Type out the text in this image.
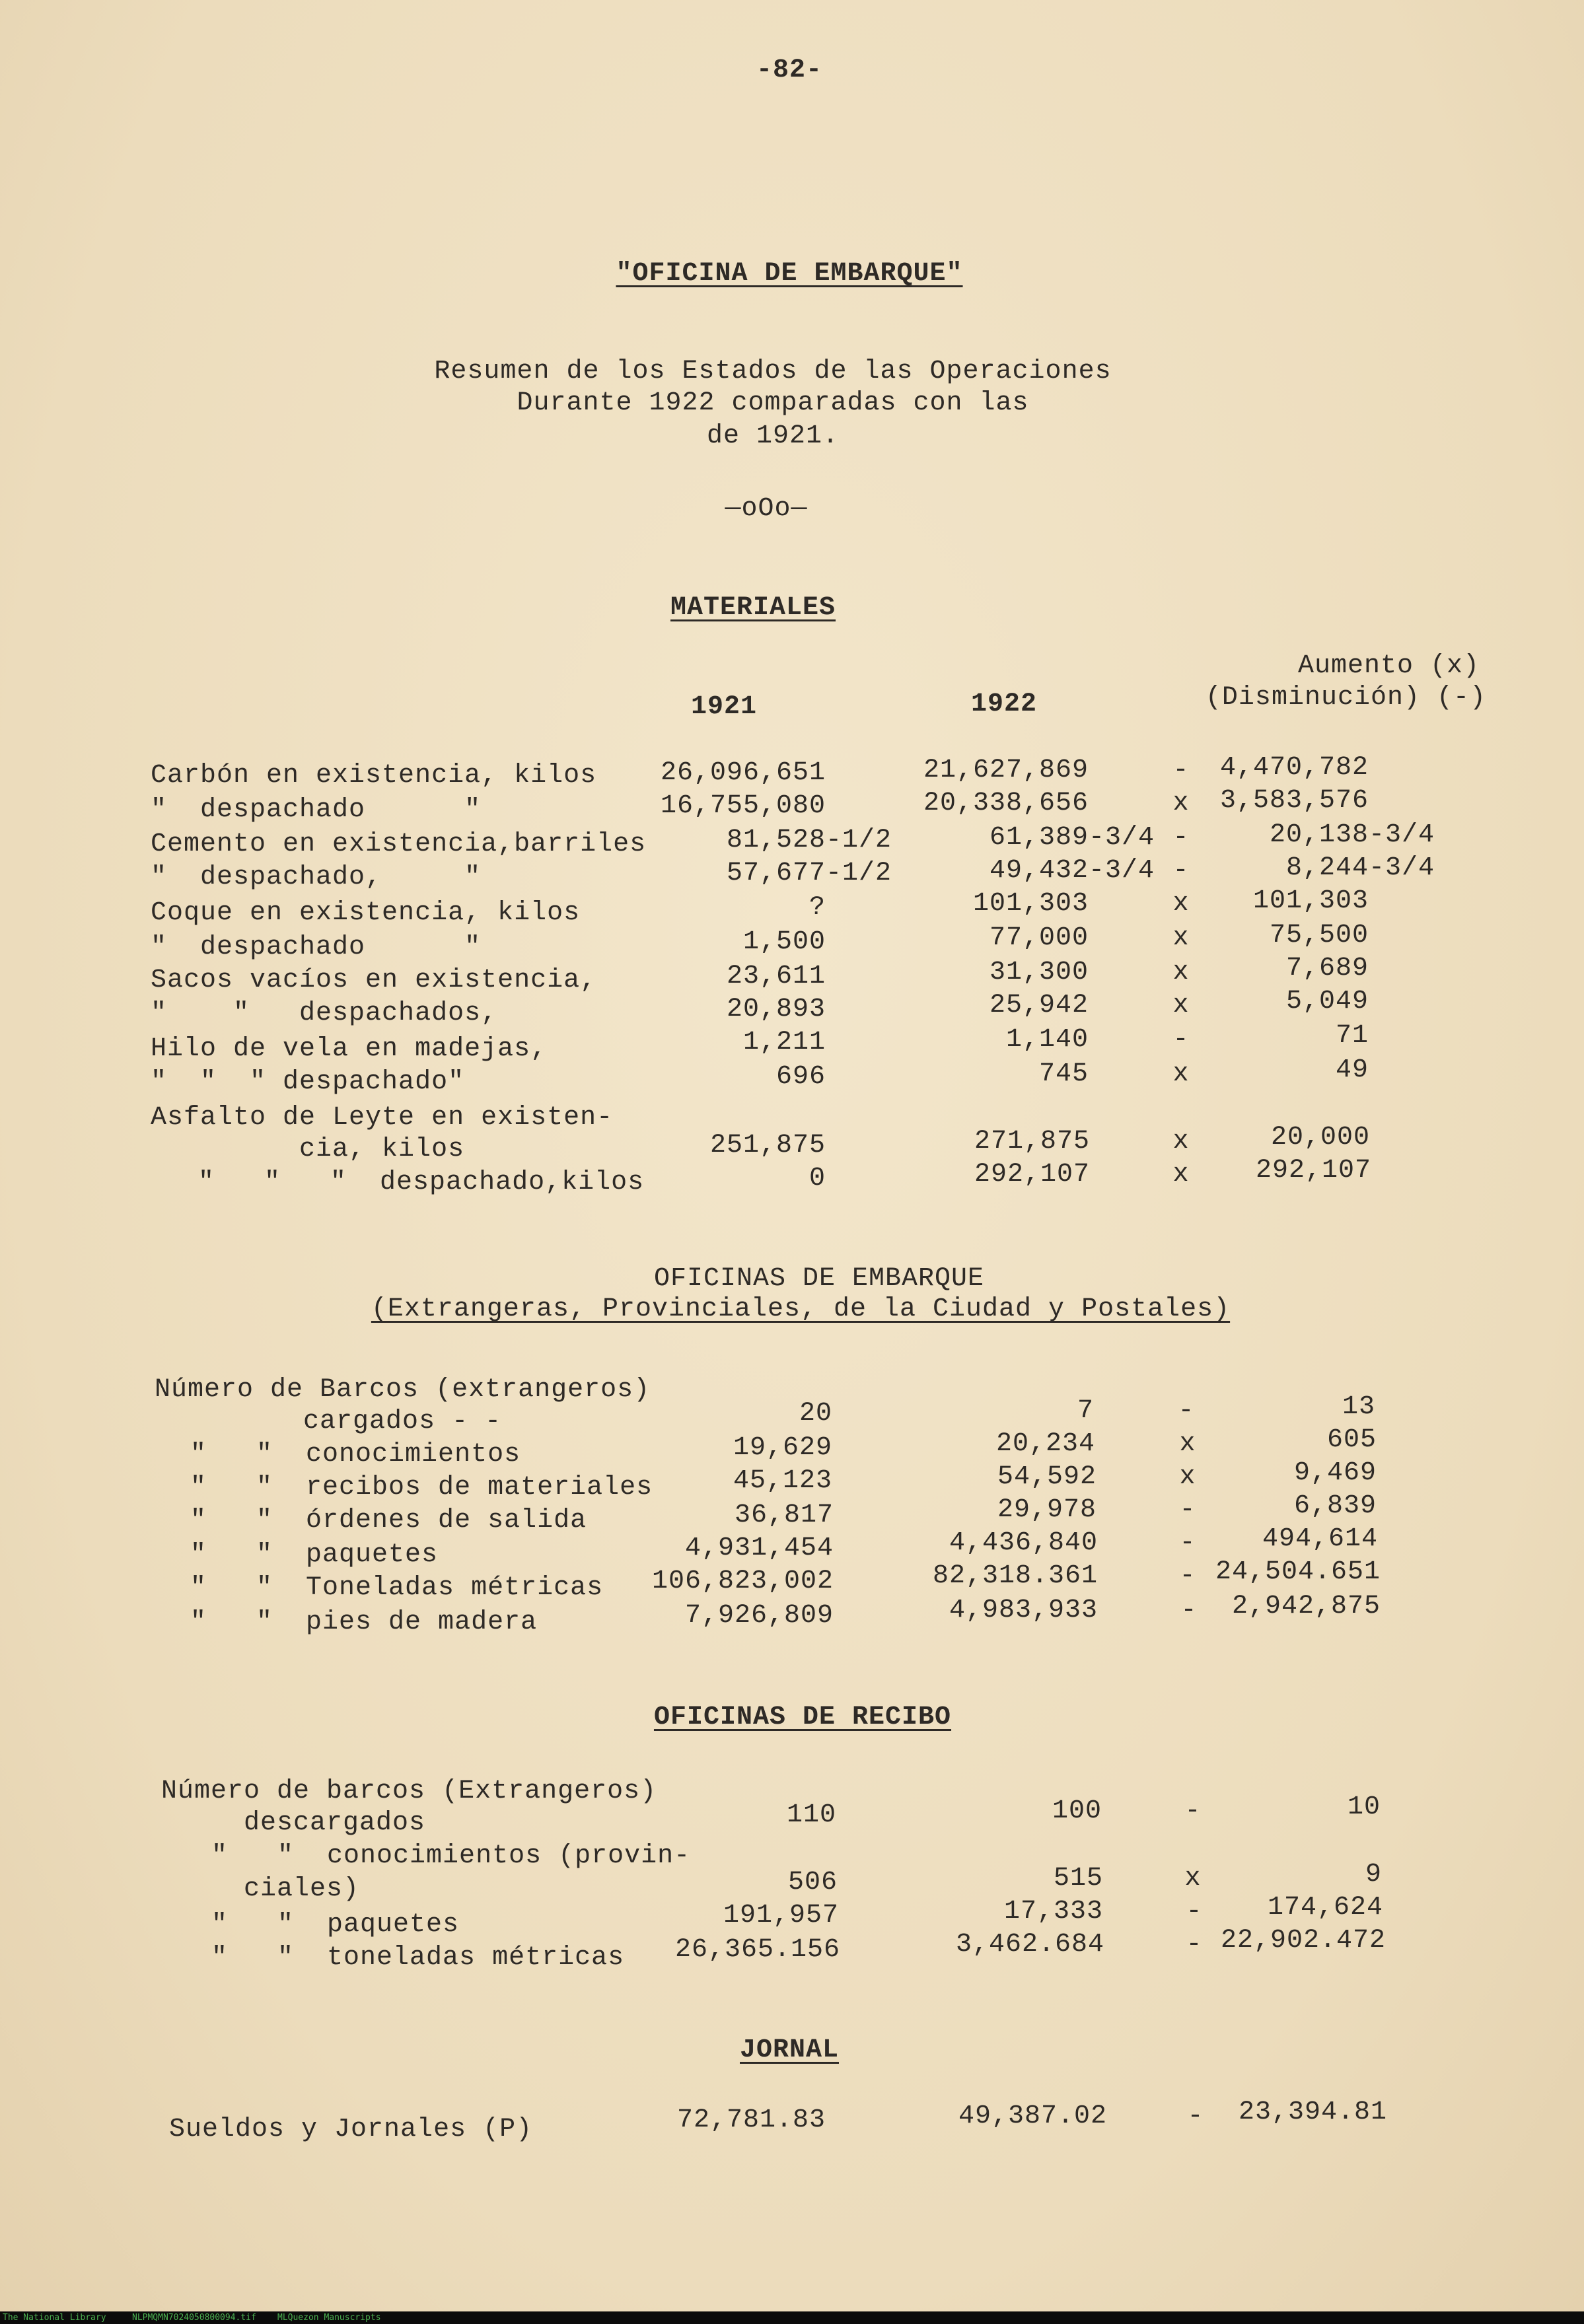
-82-
"OFICINA DE EMBARQUE"
Resumen de los Estados de las Operaciones
Durante 1922 comparadas con las
de 1921.
—oOo—
MATERIALES
Aumento (x)
(Disminución) (-)
1921	1922
Carbón en existencia, kilos 26,096,651	21,627,869	- 4,470,782
"  despachado      "	16,755,080	20,338,656	x 3,583,576
Cemento en existencia,barriles	81,528-1/2	61,389-3/4 -	20,138-3/4
"  despachado,     "	57,677-1/2	49,432-3/4 -	8,244-3/4
Coque en existencia, kilos	?	101,303	x 101,303
"  despachado      "	1,500	77,000	x	75,500
Sacos vacíos en existencia,	23,611	31,300	x	7,689
"    "   despachados,	20,893	25,942	x	5,049
Hilo de vela en madejas,	1,211	1,140	-	71
"  "  " despachado"	696	745	x	49
Asfalto de Leyte en existen-
cia, kilos	251,875	271,875	x	20,000
"   "   "  despachado,kilos	0	292,107	x	292,107
OFICINAS DE EMBARQUE
(Extrangeras, Provinciales, de la Ciudad y Postales)
Número de Barcos (extrangeros)
cargados - -	20	7	-	13
"   "  conocimientos	19,629	20,234	x	605
"   "  recibos de materiales	45,123	54,592	x	9,469
"   "  órdenes de salida	36,817	29,978	-	6,839
"   "  paquetes	4,931,454	4,436,840	-	494,614
"   "  Toneladas métricas 106,823,002	82,318.361	- 24,504.651
"   "  pies de madera	7,926,809	4,983,933	- 2,942,875
OFICINAS DE RECIBO
Número de barcos (Extrangeros)
descargados	110	100	-	10
"   "  conocimientos (provin-
ciales)	506	515	x	9
"   "  paquetes	191,957	17,333	- 174,624
"   "  toneladas métricas 26,365.156	3,462.684	- 22,902.472
JORNAL
Sueldos y Jornales (P)	72,781.83	49,387.02	- 23,394.81
The National Library	NLPMQMN7024050800094.tif MLQuezon Manuscripts
